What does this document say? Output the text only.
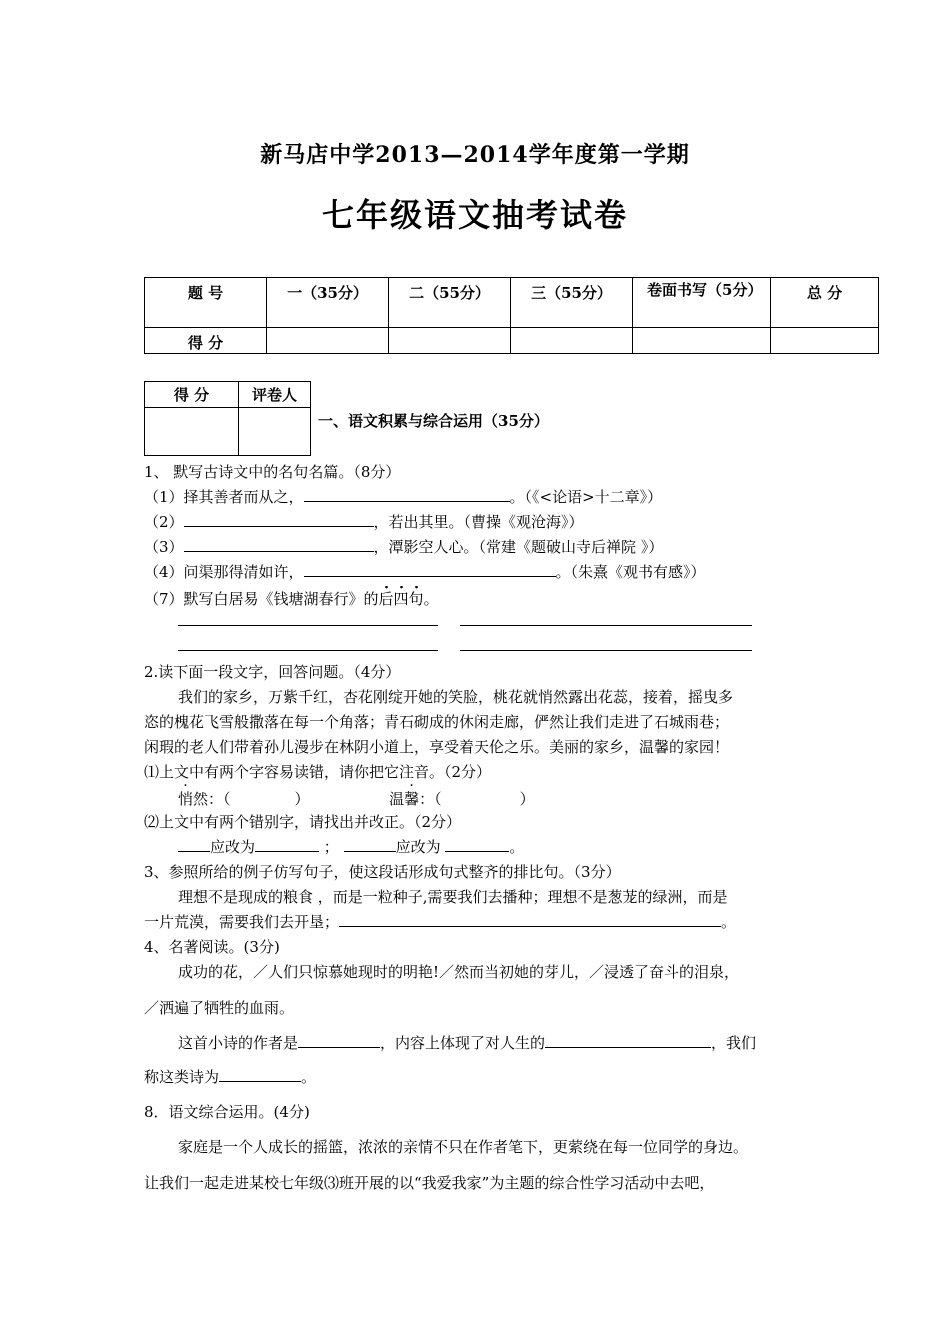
新马店中学2013—2014学年度第一学期
七年级语文抽考试卷
题 号	一（35分）	二（55分）	三（55分）	卷面书写（5分）	总 分
得 分					
得 分	评卷人

一、语文积累与综合运用（35分）
1、 默写古诗文中的名句名篇。（8分）
（1）择其善者而从之，	。（《<论语>十二章》）
（2）	，若出其里。（曹操《观沧海》）
（3）	，潭影空人心。（常建《题破山寺后禅院 》）
（4）问渠那得清如许，	。（朱熹《观书有感》）
（7）默写白居易《钱塘湖春行》的后四句。
2.读下面一段文字，回答问题。（4分）
我们的家乡，万紫千红，杏花刚绽开她的笑脸，桃花就悄然露出花蕊，接着，摇曳多
恣的槐花飞雪般撒落在每一个角落；青石砌成的休闲走廊，俨然让我们走进了石城雨巷；
闲瑕的老人们带着孙儿漫步在林阴小道上，享受着天伦之乐。美丽的家乡，温馨的家园！
⑴上文中有两个字容易读错，请你把它注音。（2分）
悄然：（	）	温馨：（	）
⑵上文中有两个错别字，请找出并改正。（2分）
应改为	；	应改为	。
3、参照所给的例子仿写句子，使这段话形成句式整齐的排比句。（3分）
理想不是现成的粮食 ，而是一粒种子,需要我们去播种；理想不是葱茏的绿洲，而是
一片荒漠，需要我们去开垦；	。
4、名著阅读。(3分)
成功的花，／人们只惊慕她现时的明艳!／然而当初她的芽儿，／浸透了奋斗的泪泉，
／洒遍了牺牲的血雨。
这首小诗的作者是	，内容上体现了对人生的	，我们
称这类诗为	。
8．语文综合运用。(4分)
家庭是一个人成长的摇篮，浓浓的亲情不只在作者笔下，更萦绕在每一位同学的身边。
让我们一起走进某校七年级⑶班开展的以“我爱我家”为主题的综合性学习活动中去吧，
